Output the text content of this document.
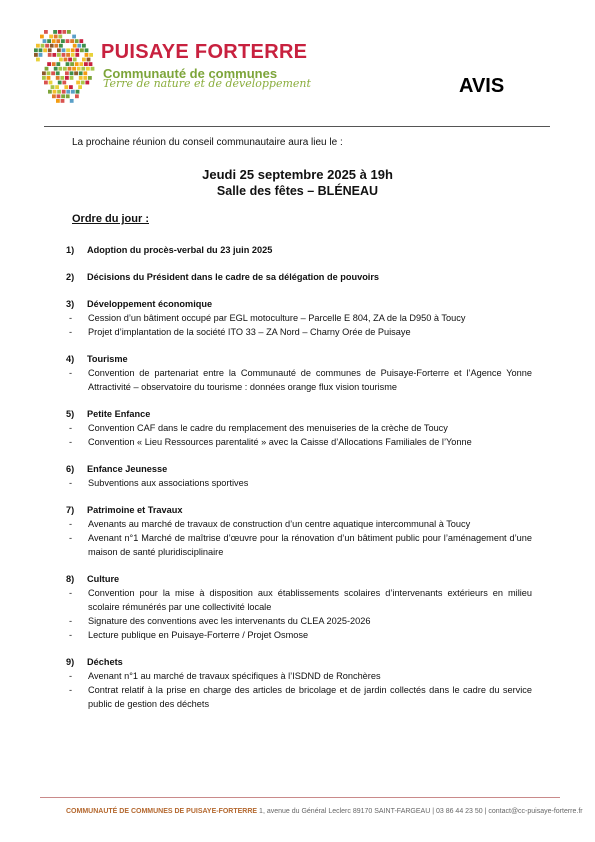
PUISAYE FORTERRE
Communauté de communes
Terre de nature et de développement	AVIS
La prochaine réunion du conseil communautaire aura lieu le :
Jeudi 25 septembre 2025 à 19h
Salle des fêtes – BLÉNEAU
Ordre du jour :
1)	Adoption du procès-verbal du 23 juin 2025
2)	Décisions du Président dans le cadre de sa délégation de pouvoirs
3)	Développement économique
-	Cession d’un bâtiment occupé par EGL motoculture – Parcelle E 804, ZA de la D950 à Toucy
-	Projet d’implantation de la société ITO 33 – ZA Nord – Charny Orée de Puisaye
4)	Tourisme
-	Convention de partenariat entre la Communauté de communes de Puisaye-Forterre et l’Agence Yonne Attractivité – observatoire du tourisme : données orange flux vision tourisme
5)	Petite Enfance
-	Convention CAF dans le cadre du remplacement des menuiseries de la crèche de Toucy
-	Convention « Lieu Ressources parentalité » avec la Caisse d’Allocations Familiales de l’Yonne
6)	Enfance Jeunesse
-	Subventions aux associations sportives
7)	Patrimoine et Travaux
-	Avenants au marché de travaux de construction d’un centre aquatique intercommunal à Toucy
-	Avenant n°1 Marché de maîtrise d’œuvre pour la rénovation d’un bâtiment public pour l’aménagement d’une maison de santé pluridisciplinaire
8)	Culture
-	Convention pour la mise à disposition aux établissements scolaires d’intervenants extérieurs en milieu scolaire rémunérés par une collectivité locale
-	Signature des conventions avec les intervenants du CLEA 2025-2026
-	Lecture publique en Puisaye-Forterre / Projet Osmose
9)	Déchets
-	Avenant n°1 au marché de travaux spécifiques à l’ISDND de Ronchères
-	Contrat relatif à la prise en charge des articles de bricolage et de jardin collectés dans le cadre du service public de gestion des déchets
COMMUNAUTÉ DE COMMUNES DE PUISAYE-FORTERRE 1, avenue du Général Leclerc 89170 SAINT-FARGEAU | 03 86 44 23 50 | contact@cc-puisaye-forterre.fr
